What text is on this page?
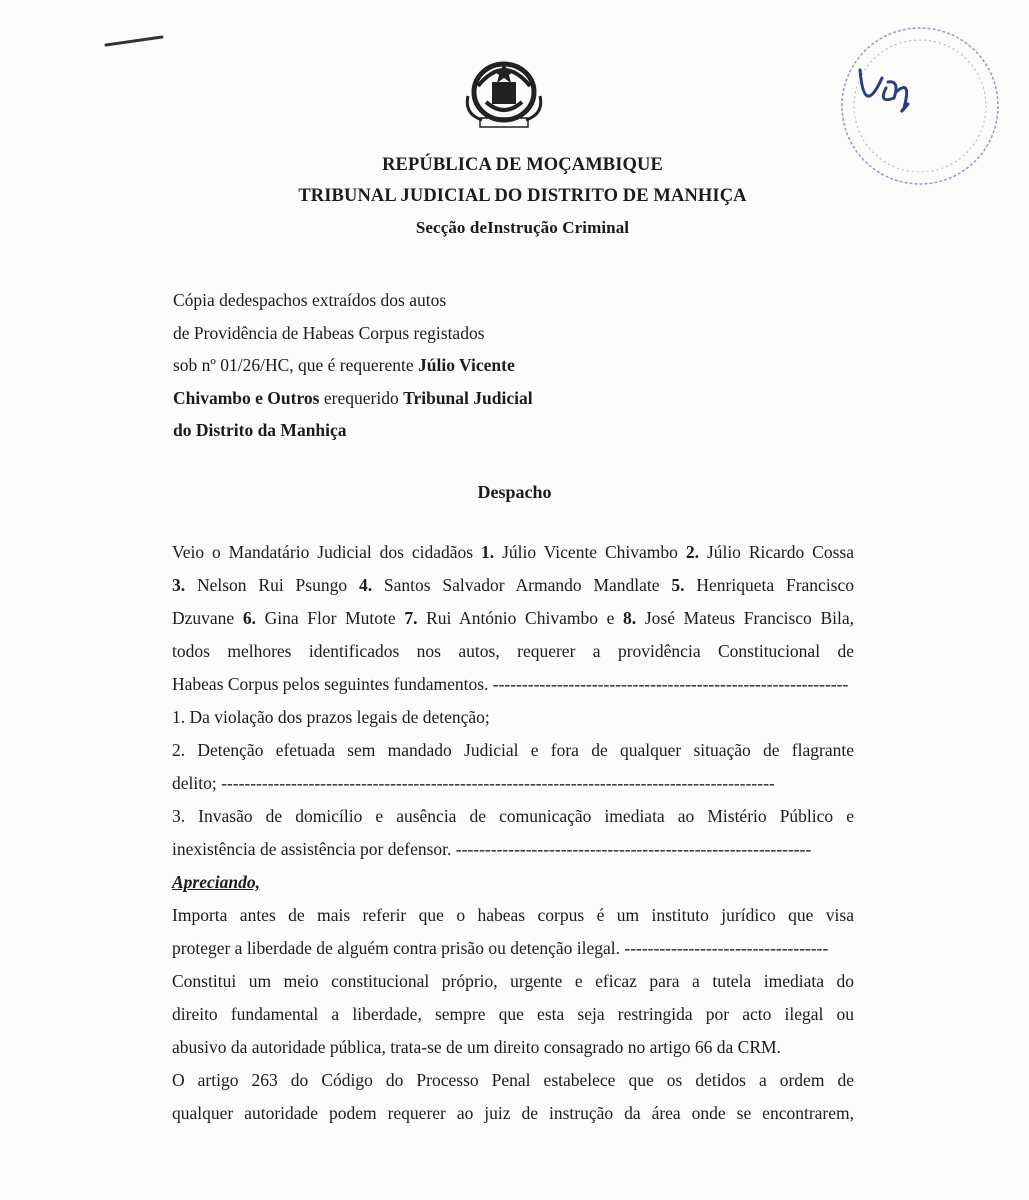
REPÚBLICA DE MOÇAMBIQUE
TRIBUNAL JUDICIAL DO DISTRITO DE MANHIÇA
Secção deInstrução Criminal
Cópia dedespachos extraídos dos autos
de Providência de Habeas Corpus registados
sob nº 01/26/HC, que é requerente Júlio Vicente
Chivambo e Outros erequerido Tribunal Judicial
do Distrito da Manhiça
Despacho
Veio o Mandatário Judicial dos cidadãos 1. Júlio Vicente Chivambo 2. Júlio Ricardo Cossa
3. Nelson Rui Psungo 4. Santos Salvador Armando Mandlate 5. Henriqueta Francisco
Dzuvane 6. Gina Flor Mutote 7. Rui António Chivambo e 8. José Mateus Francisco Bila,
todos melhores identificados nos autos, requerer a providência Constitucional de
Habeas Corpus pelos seguintes fundamentos. -------------------------------------------------------------
1. Da violação dos prazos legais de detenção;
2. Detenção efetuada sem mandado Judicial e fora de qualquer situação de flagrante
delito; -----------------------------------------------------------------------------------------------
3. Invasão de domicílio e ausência de comunicação imediata ao Mistério Público e
inexistência de assistência por defensor. -------------------------------------------------------------
Apreciando,
Importa antes de mais referir que o habeas corpus é um instituto jurídico que visa
proteger a liberdade de alguém contra prisão ou detenção ilegal. -----------------------------------
Constitui um meio constitucional próprio, urgente e eficaz para a tutela imediata do
direito fundamental a liberdade, sempre que esta seja restringida por acto ilegal ou
abusivo da autoridade pública, trata-se de um direito consagrado no artigo 66 da CRM.
O artigo 263 do Código do Processo Penal estabelece que os detidos a ordem de
qualquer autoridade podem requerer ao juiz de instrução da área onde se encontrarem,
